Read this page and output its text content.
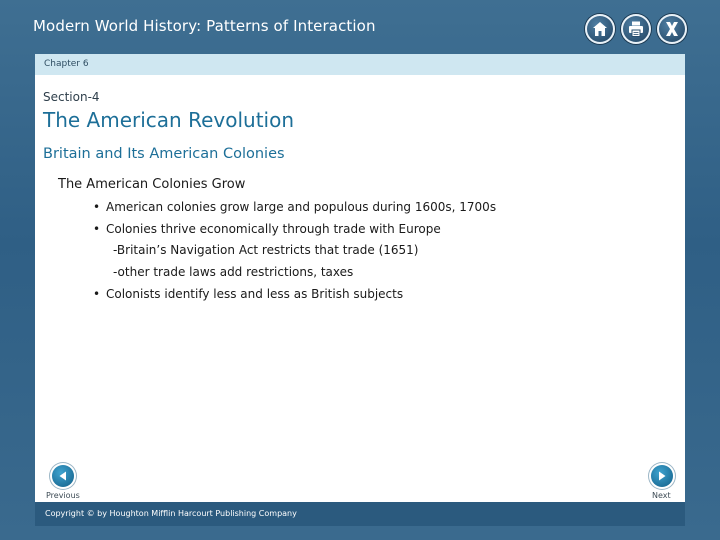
Modern World History: Patterns of Interaction
Chapter 6
Section-4
The American Revolution
Britain and Its American Colonies
The American Colonies Grow
• American colonies grow large and populous during 1600s, 1700s
• Colonies thrive economically through trade with Europe
-Britain’s Navigation Act restricts that trade (1651)
-other trade laws add restrictions, taxes
• Colonists identify less and less as British subjects
Previous	Next
Copyright © by Houghton Mifflin Harcourt Publishing Company
